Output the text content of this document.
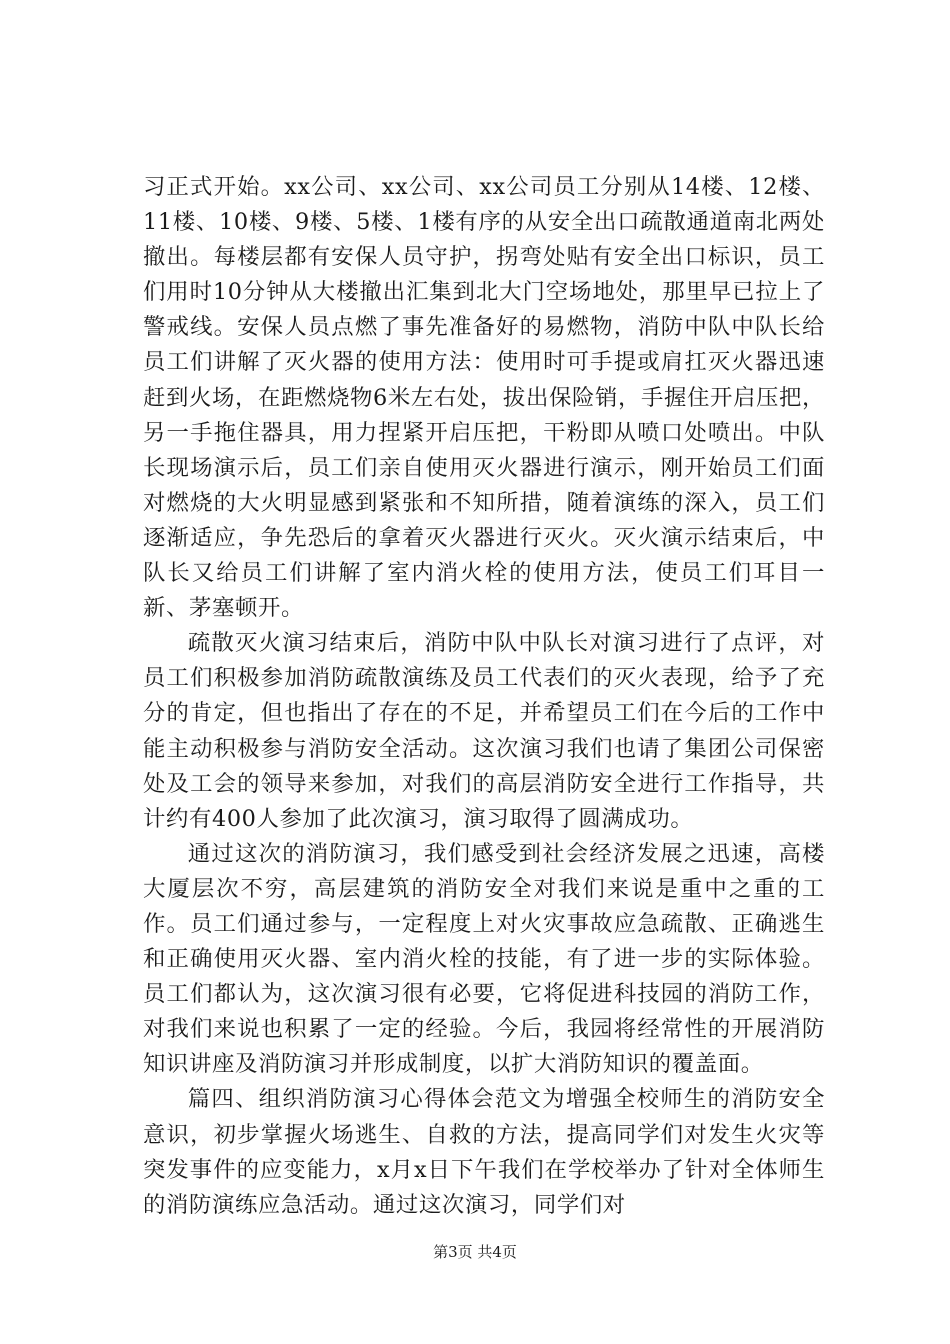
习正式开始。xx公司、xx公司、xx公司员工分别从14楼、12楼、11楼、10楼、9楼、5楼、1楼有序的从安全出口疏散通道南北两处撤出。每楼层都有安保人员守护，拐弯处贴有安全出口标识，员工们用时10分钟从大楼撤出汇集到北大门空场地处，那里早已拉上了警戒线。安保人员点燃了事先准备好的易燃物，消防中队中队长给员工们讲解了灭火器的使用方法：使用时可手提或肩扛灭火器迅速赶到火场，在距燃烧物6米左右处，拔出保险销，手握住开启压把，另一手拖住器具，用力捏紧开启压把，干粉即从喷口处喷出。中队长现场演示后，员工们亲自使用灭火器进行演示，刚开始员工们面对燃烧的大火明显感到紧张和不知所措，随着演练的深入，员工们逐渐适应，争先恐后的拿着灭火器进行灭火。灭火演示结束后，中队长又给员工们讲解了室内消火栓的使用方法，使员工们耳目一新、茅塞顿开。

疏散灭火演习结束后，消防中队中队长对演习进行了点评，对员工们积极参加消防疏散演练及员工代表们的灭火表现，给予了充分的肯定，但也指出了存在的不足，并希望员工们在今后的工作中能主动积极参与消防安全活动。这次演习我们也请了集团公司保密处及工会的领导来参加，对我们的高层消防安全进行工作指导，共计约有400人参加了此次演习，演习取得了圆满成功。

通过这次的消防演习，我们感受到社会经济发展之迅速，高楼大厦层次不穷，高层建筑的消防安全对我们来说是重中之重的工作。员工们通过参与，一定程度上对火灾事故应急疏散、正确逃生和正确使用灭火器、室内消火栓的技能，有了进一步的实际体验。员工们都认为，这次演习很有必要，它将促进科技园的消防工作，对我们来说也积累了一定的经验。今后，我园将经常性的开展消防知识讲座及消防演习并形成制度，以扩大消防知识的覆盖面。

篇四、组织消防演习心得体会范文为增强全校师生的消防安全意识，初步掌握火场逃生、自救的方法，提高同学们对发生火灾等突发事件的应变能力，x月x日下午我们在学校举办了针对全体师生的消防演练应急活动。通过这次演习，同学们对

第3页 共4页
